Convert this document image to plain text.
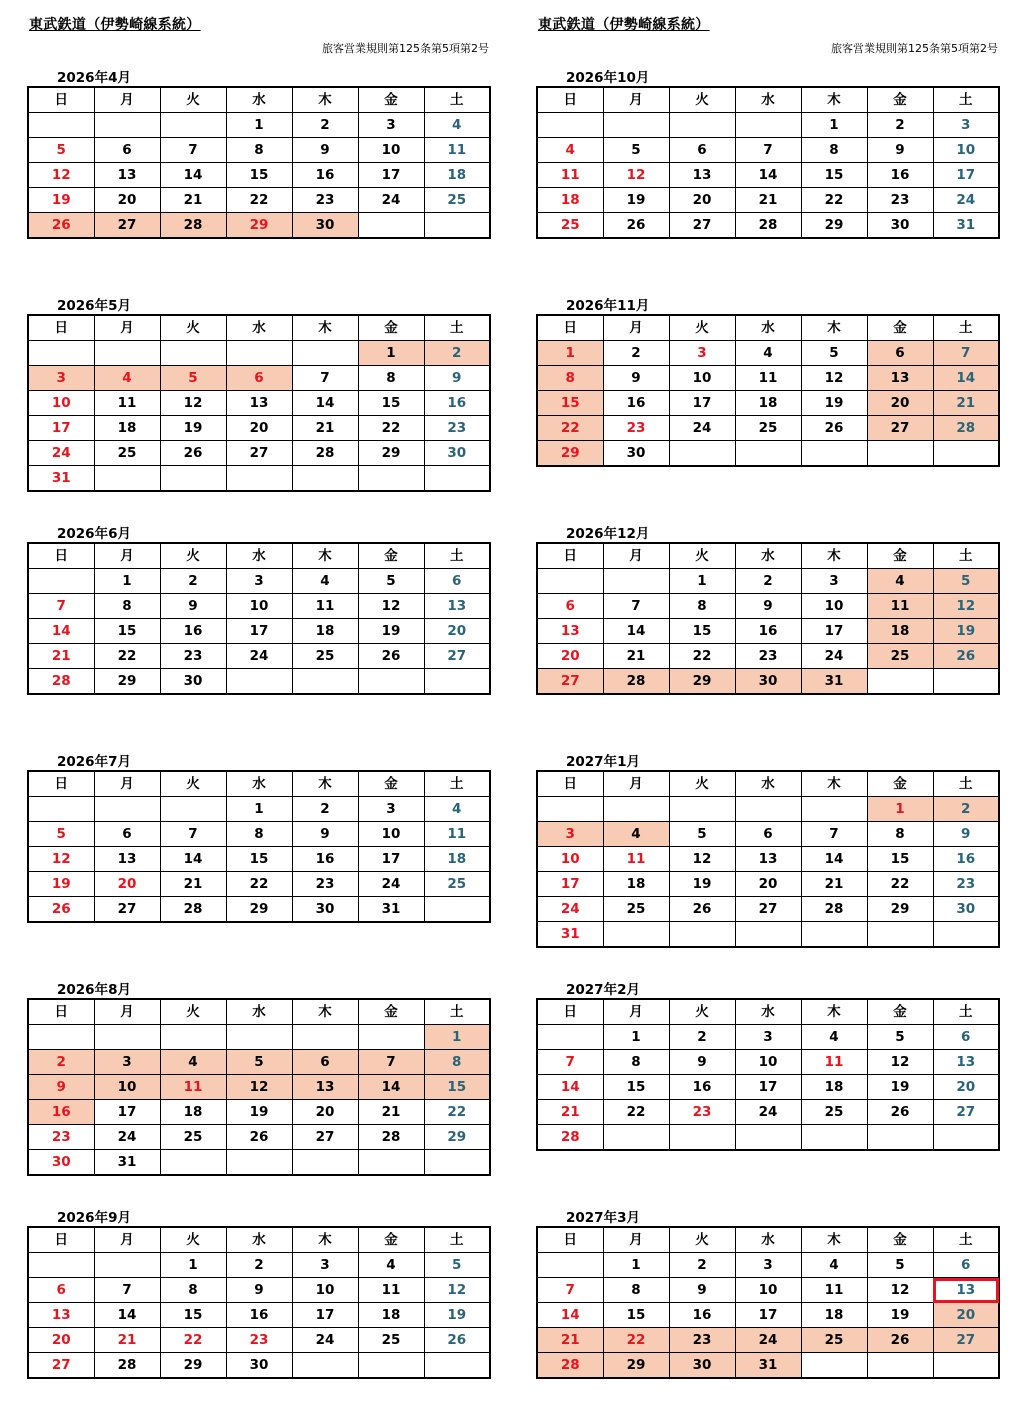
東武鉄道（伊勢崎線系統）
旅客営業規則第125条第5項第2号
東武鉄道（伊勢崎線系統）
旅客営業規則第125条第5項第2号
2026年4月
日	月	火	水	木	金	土
			1	2	3	4
5	6	7	8	9	10	11
12	13	14	15	16	17	18
19	20	21	22	23	24	25
26	27	28	29	30		
2026年5月
日	月	火	水	木	金	土
					1	2
3	4	5	6	7	8	9
10	11	12	13	14	15	16
17	18	19	20	21	22	23
24	25	26	27	28	29	30
31						
2026年6月
日	月	火	水	木	金	土
	1	2	3	4	5	6
7	8	9	10	11	12	13
14	15	16	17	18	19	20
21	22	23	24	25	26	27
28	29	30				
2026年7月
日	月	火	水	木	金	土
			1	2	3	4
5	6	7	8	9	10	11
12	13	14	15	16	17	18
19	20	21	22	23	24	25
26	27	28	29	30	31	
2026年8月
日	月	火	水	木	金	土
						1
2	3	4	5	6	7	8
9	10	11	12	13	14	15
16	17	18	19	20	21	22
23	24	25	26	27	28	29
30	31					
2026年9月
日	月	火	水	木	金	土
		1	2	3	4	5
6	7	8	9	10	11	12
13	14	15	16	17	18	19
20	21	22	23	24	25	26
27	28	29	30			
2026年10月
日	月	火	水	木	金	土
				1	2	3
4	5	6	7	8	9	10
11	12	13	14	15	16	17
18	19	20	21	22	23	24
25	26	27	28	29	30	31
2026年11月
日	月	火	水	木	金	土
1	2	3	4	5	6	7
8	9	10	11	12	13	14
15	16	17	18	19	20	21
22	23	24	25	26	27	28
29	30					
2026年12月
日	月	火	水	木	金	土
		1	2	3	4	5
6	7	8	9	10	11	12
13	14	15	16	17	18	19
20	21	22	23	24	25	26
27	28	29	30	31		
2027年1月
日	月	火	水	木	金	土
					1	2
3	4	5	6	7	8	9
10	11	12	13	14	15	16
17	18	19	20	21	22	23
24	25	26	27	28	29	30
31						
2027年2月
日	月	火	水	木	金	土
	1	2	3	4	5	6
7	8	9	10	11	12	13
14	15	16	17	18	19	20
21	22	23	24	25	26	27
28						
2027年3月
日	月	火	水	木	金	土
	1	2	3	4	5	6
7	8	9	10	11	12	13
14	15	16	17	18	19	20
21	22	23	24	25	26	27
28	29	30	31			
